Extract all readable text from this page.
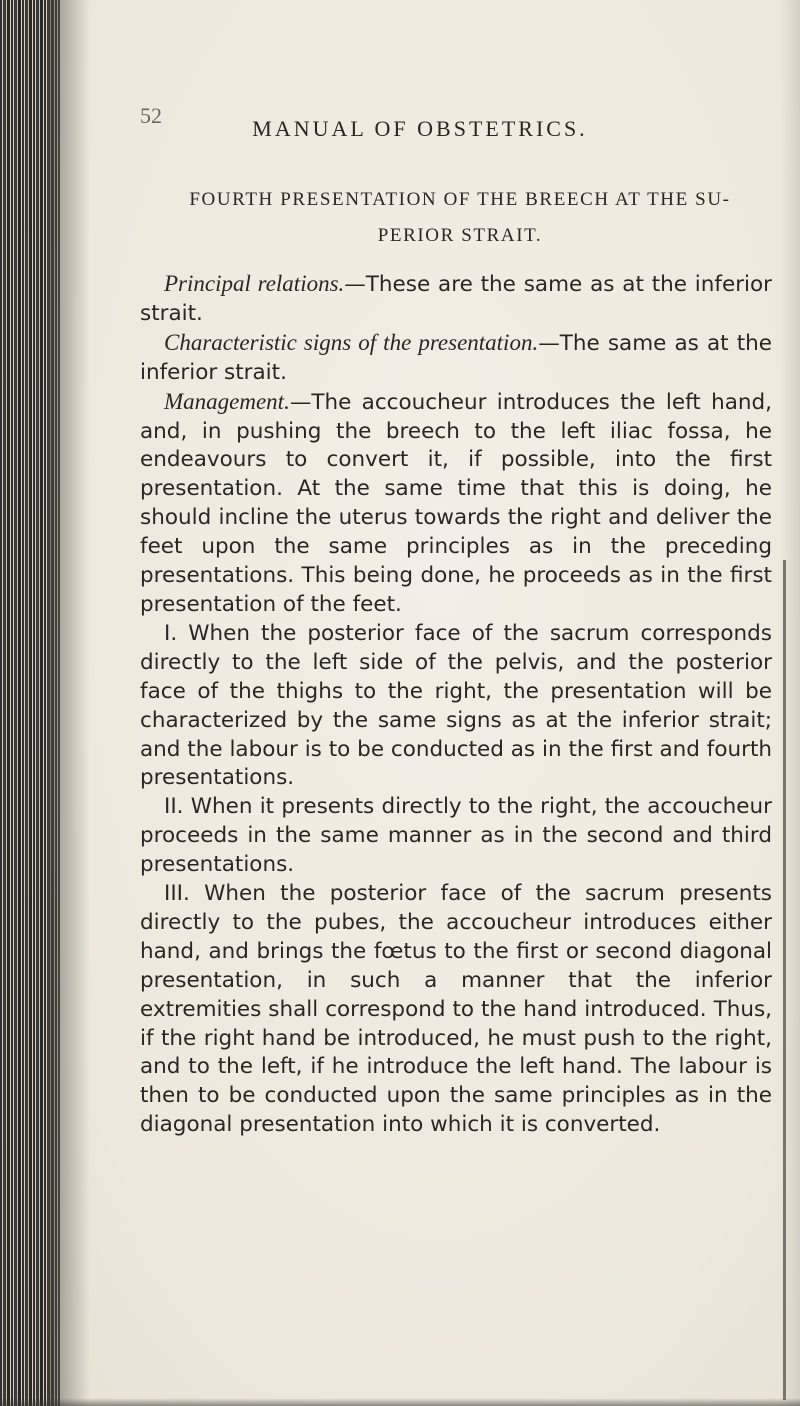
52
MANUAL OF OBSTETRICS.
FOURTH PRESENTATION OF THE BREECH AT THE SU-
PERIOR STRAIT.

Principal relations.—These are the same as at the inferior strait.

Characteristic signs of the presentation.—The same as at the inferior strait.

Management.—The accoucheur introduces the left hand, and, in pushing the breech to the left iliac fossa, he endeavours to convert it, if possible, into the first presentation. At the same time that this is doing, he should incline the uterus towards the right and deliver the feet upon the same principles as in the preceding presentations. This being done, he proceeds as in the first presentation of the feet.

I. When the posterior face of the sacrum corresponds directly to the left side of the pelvis, and the posterior face of the thighs to the right, the presentation will be characterized by the same signs as at the inferior strait; and the labour is to be conducted as in the first and fourth presentations.

II. When it presents directly to the right, the accoucheur proceeds in the same manner as in the second and third presentations.

III. When the posterior face of the sacrum presents directly to the pubes, the accoucheur introduces either hand, and brings the fœtus to the first or second diagonal presentation, in such a manner that the inferior extremities shall correspond to the hand introduced. Thus, if the right hand be introduced, he must push to the right, and to the left, if he introduce the left hand. The labour is then to be conducted upon the same principles as in the diagonal presentation into which it is converted.
